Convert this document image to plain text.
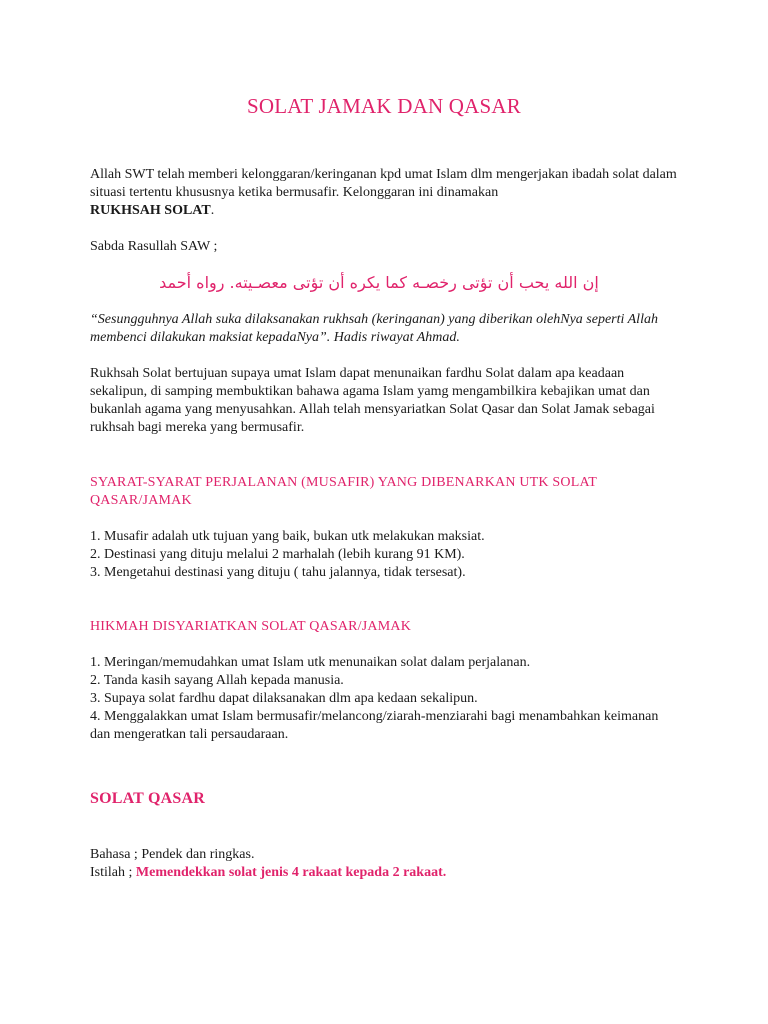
SOLAT JAMAK DAN QASAR

Allah SWT telah memberi kelonggaran/keringanan kpd umat Islam dlm mengerjakan ibadah solat dalam situasi tertentu khususnya ketika bermusafir. Kelonggaran ini dinamakan
RUKHSAH SOLAT.

Sabda Rasullah SAW ;

إن الله يحب أن تؤتى رخصـه كما يكره أن تؤتى معصـيته. رواه أحمد

“Sesungguhnya Allah suka dilaksanakan rukhsah (keringanan) yang diberikan olehNya seperti Allah membenci dilakukan maksiat kepadaNya”. Hadis riwayat Ahmad.

Rukhsah Solat bertujuan supaya umat Islam dapat menunaikan fardhu Solat dalam apa keadaan sekalipun, di samping membuktikan bahawa agama Islam yamg mengambilkira kebajikan umat dan bukanlah agama yang menyusahkan. Allah telah mensyariatkan Solat Qasar dan Solat Jamak sebagai rukhsah bagi mereka yang bermusafir.

SYARAT-SYARAT PERJALANAN (MUSAFIR) YANG DIBENARKAN UTK SOLAT QASAR/JAMAK

1. Musafir adalah utk tujuan yang baik, bukan utk melakukan maksiat.

2. Destinasi yang dituju melalui 2 marhalah (lebih kurang 91 KM).

3. Mengetahui destinasi yang dituju ( tahu jalannya, tidak tersesat).

HIKMAH DISYARIATKAN SOLAT QASAR/JAMAK

1. Meringan/memudahkan umat Islam utk menunaikan solat dalam perjalanan.

2. Tanda kasih sayang Allah kepada manusia.

3. Supaya solat fardhu dapat dilaksanakan dlm apa kedaan sekalipun.

4. Menggalakkan umat Islam bermusafir/melancong/ziarah-menziarahi bagi menambahkan keimanan dan mengeratkan tali persaudaraan.

SOLAT QASAR

Bahasa ; Pendek dan ringkas.

Istilah ; Memendekkan solat jenis 4 rakaat kepada 2 rakaat.
